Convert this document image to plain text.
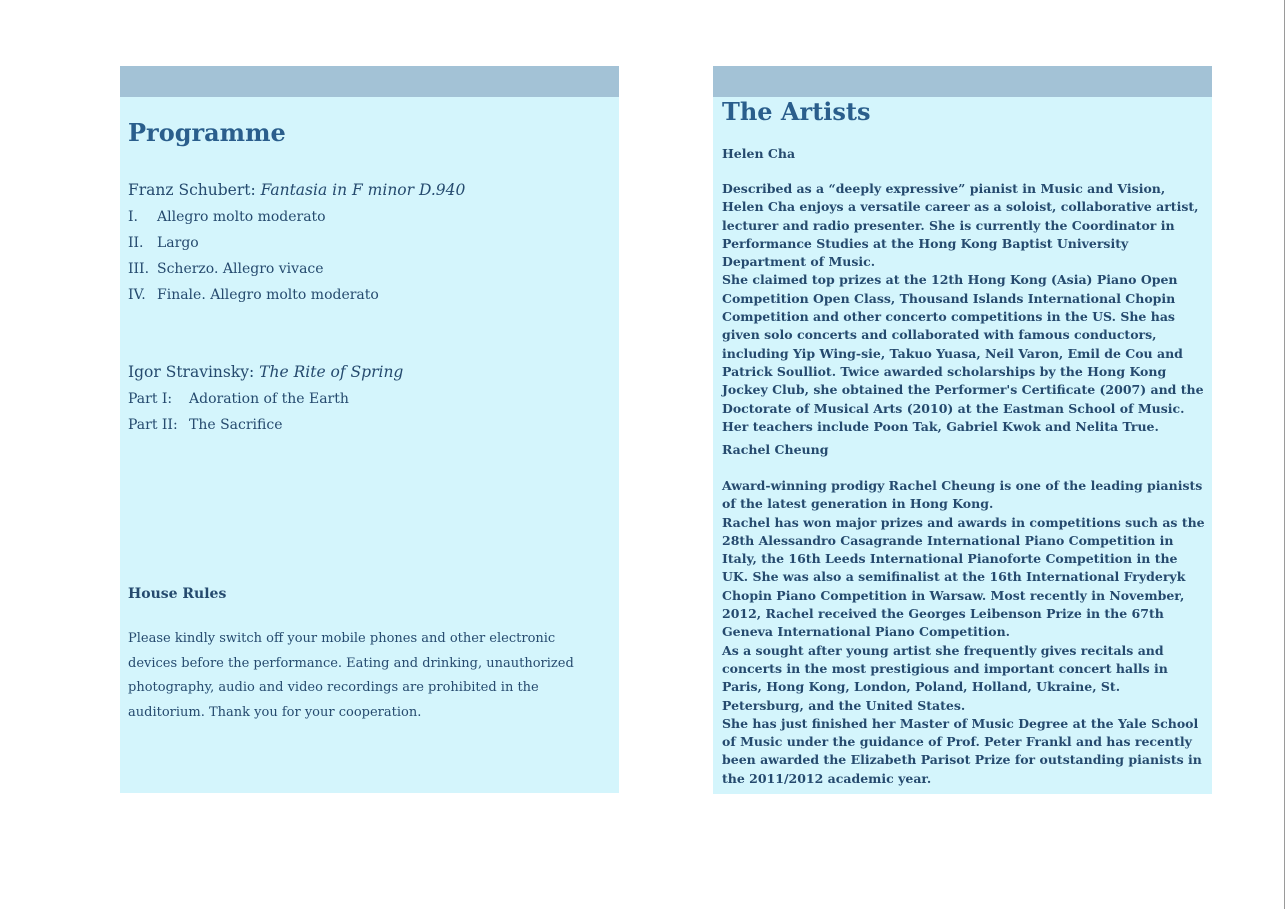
Programme
Franz Schubert: Fantasia in F minor D.940
I. Allegro molto moderato
II. Largo
III. Scherzo. Allegro vivace
IV. Finale. Allegro molto moderato
Igor Stravinsky: The Rite of Spring
Part I: Adoration of the Earth
Part II: The Sacrifice
House Rules

Please kindly switch off your mobile phones and other electronic devices before the performance. Eating and drinking, unauthorized photography, audio and video recordings are prohibited in the auditorium. Thank you for your cooperation.

The Artists
Helen Cha

Described as a “deeply expressive” pianist in Music and Vision, Helen Cha enjoys a versatile career as a soloist, collaborative artist, lecturer and radio presenter. She is currently the Coordinator in Performance Studies at the Hong Kong Baptist University Department of Music.

She claimed top prizes at the 12th Hong Kong (Asia) Piano Open Competition Open Class, Thousand Islands International Chopin Competition and other concerto competitions in the US. She has given solo concerts and collaborated with famous conductors, including Yip Wing-sie, Takuo Yuasa, Neil Varon, Emil de Cou and Patrick Soulliot. Twice awarded scholarships by the Hong Kong Jockey Club, she obtained the Performer's Certificate (2007) and the Doctorate of Musical Arts (2010) at the Eastman School of Music. Her teachers include Poon Tak, Gabriel Kwok and Nelita True.

Rachel Cheung

Award-winning prodigy Rachel Cheung is one of the leading pianists of the latest generation in Hong Kong.

Rachel has won major prizes and awards in competitions such as the 28th Alessandro Casagrande International Piano Competition in Italy, the 16th Leeds International Pianoforte Competition in the UK. She was also a semifinalist at the 16th International Fryderyk Chopin Piano Competition in Warsaw. Most recently in November, 2012, Rachel received the Georges Leibenson Prize in the 67th Geneva International Piano Competition.

As a sought after young artist she frequently gives recitals and concerts in the most prestigious and important concert halls in Paris, Hong Kong, London, Poland, Holland, Ukraine, St. Petersburg, and the United States.

She has just finished her Master of Music Degree at the Yale School of Music under the guidance of Prof. Peter Frankl and has recently been awarded the Elizabeth Parisot Prize for outstanding pianists in the 2011/2012 academic year.
